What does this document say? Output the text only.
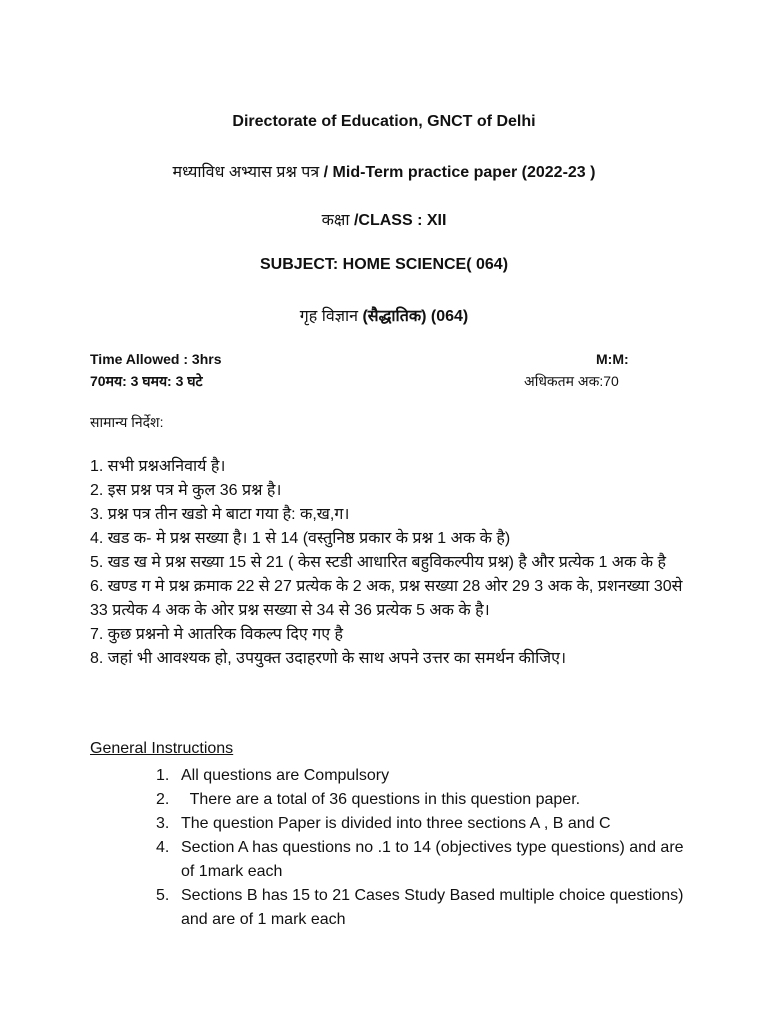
Directorate of Education, GNCT of Delhi
मध्याविध अभ्यास प्रश्न पत्र / Mid-Term practice paper (2022-23 )
कक्षा /CLASS : XII
SUBJECT: HOME SCIENCE( 064)
गृह विज्ञान (सैद्धातिक) (064)
Time Allowed : 3hrs	M:M:
70मय: 3 घमय: 3 घटे	अधिकतम अक:70
सामान्य निर्देश:

1. सभी प्रश्नअनिवार्य है।

2. इस प्रश्न पत्र मे कुल 36 प्रश्न है।

3. प्रश्न पत्र तीन खडो मे बाटा गया है: क,ख,ग।

4. खड क- मे प्रश्न सख्या है। 1 से 14 (वस्तुनिष्ठ प्रकार के प्रश्न 1 अक के है)

5. खड ख मे प्रश्न सख्या 15 से 21 ( केस स्टडी आधारित बहुविकल्पीय प्रश्न) है और प्रत्येक 1 अक के है

6. खण्ड ग मे प्रश्न क्रमाक 22 से 27 प्रत्येक के 2 अक, प्रश्न सख्या 28 ओर 29 3 अक के, प्रशनख्या 30से 33 प्रत्येक 4 अक के ओर प्रश्न सख्या से 34 से 36 प्रत्येक 5 अक के है।

7. कुछ प्रश्ननो मे आतरिक विकल्प दिए गए है

8. जहां भी आवश्यक हो, उपयुक्त उदाहरणो के साथ अपने उत्तर का समर्थन कीजिए।

General Instructions
1. All questions are Compulsory
2. There are a total of 36 questions in this question paper.
3. The question Paper is divided into three sections A , B and C
4. Section A has questions no .1 to 14 (objectives type questions) and are of 1mark each
5. Sections B has 15 to 21 Cases Study Based multiple choice questions) and are of 1 mark each
